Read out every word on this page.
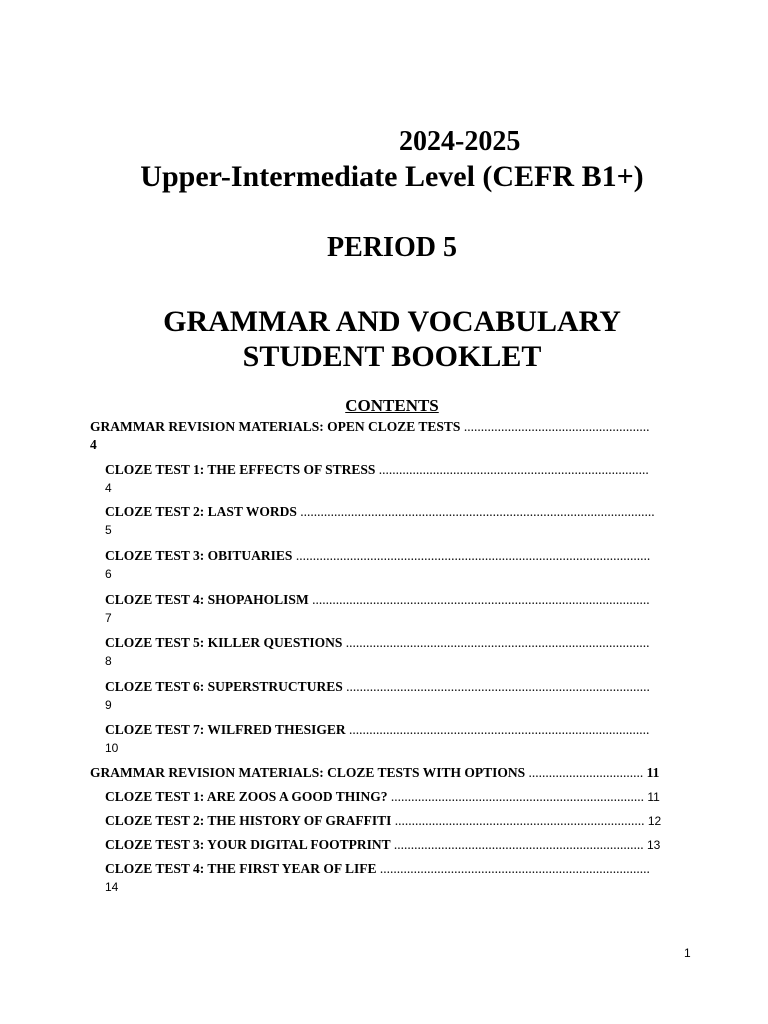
2024-2025
Upper-Intermediate Level (CEFR B1+)
PERIOD 5
GRAMMAR AND VOCABULARY
STUDENT BOOKLET
CONTENTS
GRAMMAR REVISION MATERIALS: OPEN CLOZE TESTS .......................................................
4
CLOZE TEST 1: THE EFFECTS OF STRESS ................................................................................
4
CLOZE TEST 2: LAST WORDS .........................................................................................................
5
CLOZE TEST 3: OBITUARIES .........................................................................................................
6
CLOZE TEST 4: SHOPAHOLISM ....................................................................................................
7
CLOZE TEST 5: KILLER QUESTIONS ..........................................................................................
8
CLOZE TEST 6: SUPERSTRUCTURES ..........................................................................................
9
CLOZE TEST 7: WILFRED THESIGER .........................................................................................
10
GRAMMAR REVISION MATERIALS: CLOZE TESTS WITH OPTIONS .................................. 11
CLOZE TEST 1: ARE ZOOS A GOOD THING? ........................................................................... 11
CLOZE TEST 2: THE HISTORY OF GRAFFITI .......................................................................... 12
CLOZE TEST 3: YOUR DIGITAL FOOTPRINT .......................................................................... 13
CLOZE TEST 4: THE FIRST YEAR OF LIFE ................................................................................
14
1
